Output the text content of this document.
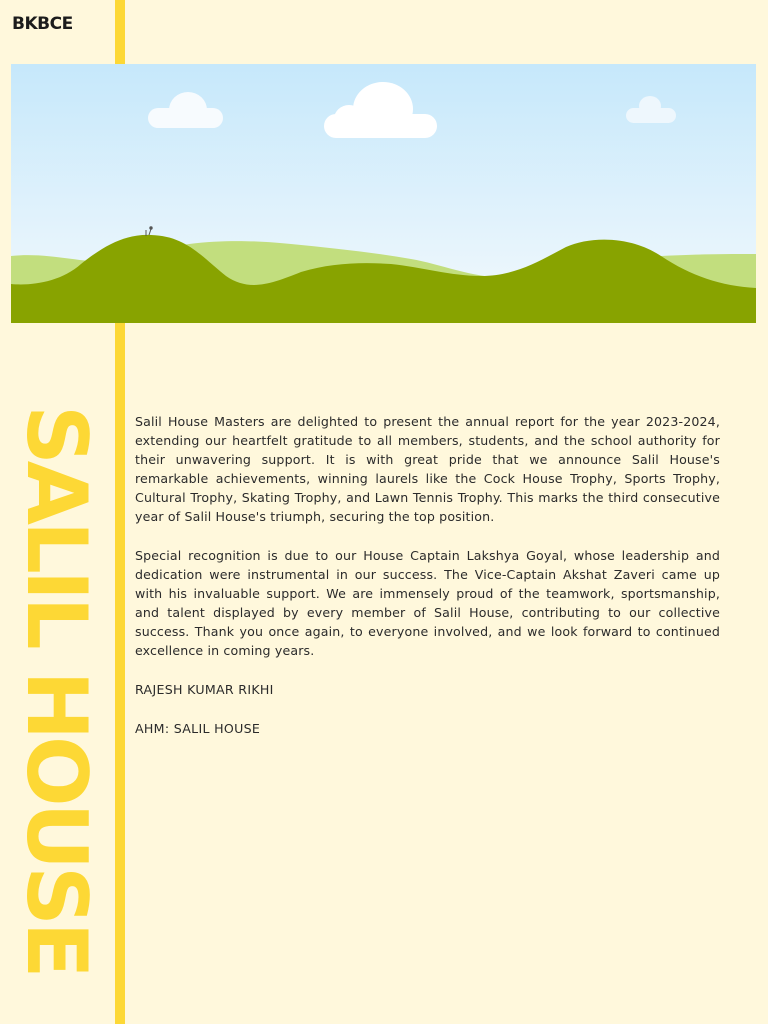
BKBCE
SALIL HOUSE Salil House Masters are delighted to present the annual report for the year 2023-2024, extending our heartfelt gratitude to all members, students, and the school authority for their unwavering support. It is with great pride that we announce Salil House's remarkable achievements, winning laurels like the Cock House Trophy, Sports Trophy, Cultural Trophy, Skating Trophy, and Lawn Tennis Trophy. This marks the third consecutive year of Salil House's triumph, securing the top position.

Special recognition is due to our House Captain Lakshya Goyal, whose leadership and dedication were instrumental in our success. The Vice-Captain Akshat Zaveri came up with his invaluable support. We are immensely proud of the teamwork, sportsmanship, and talent displayed by every member of Salil House, contributing to our collective success. Thank you once again, to everyone involved, and we look forward to continued excellence in coming years.

RAJESH KUMAR RIKHI

AHM: SALIL HOUSE
